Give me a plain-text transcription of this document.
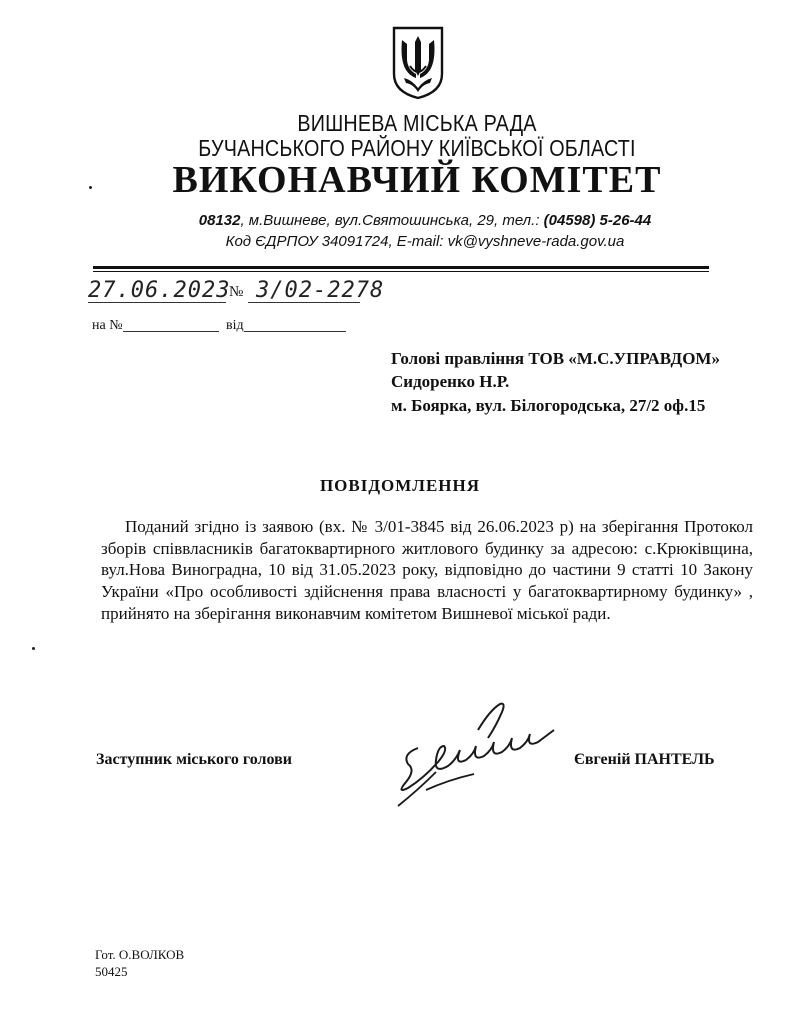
ВИШНЕВА МІСЬКА РАДА
БУЧАНСЬКОГО РАЙОНУ КИЇВСЬКОЇ ОБЛАСТІ
ВИКОНАВЧИЙ КОМІТЕТ
08132, м.Вишневе, вул.Святошинська, 29, тел.: (04598) 5-26-44
Код ЄДРПОУ 34091724, E-mail: vk@vyshneve-rada.gov.ua
27.06.2023
№ 3/02-2278
на №	від
Голові правління ТОВ «М.С.УПРАВДОМ»
Сидоренко Н.Р.
м. Боярка, вул. Білогородська, 27/2 оф.15
ПОВІДОМЛЕННЯ
Поданий згідно із заявою (вх. № 3/01-3845 від 26.06.2023 р) на зберігання Протокол зборів співвласників багатоквартирного житлового будинку за адресою: с.Крюківщина, вул.Нова Виноградна, 10 від 31.05.2023 року, відповідно до частини 9 статті 10 Закону України «Про особливості здійснення права власності у багатоквартирному будинку» , прийнято на зберігання виконавчим комітетом Вишневої міської ради.
Заступник міського голови	Євгеній ПАНТЕЛЬ
Гот. О.ВОЛКОВ
50425
